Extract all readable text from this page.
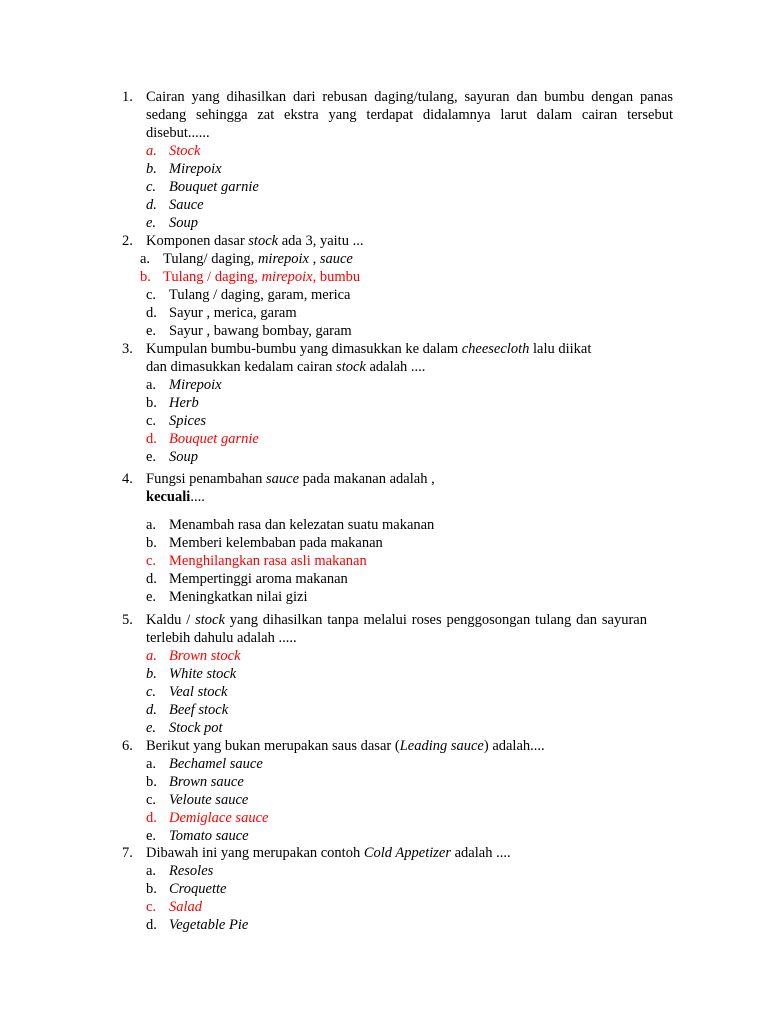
1. Cairan yang dihasilkan dari rebusan daging/tulang, sayuran dan bumbu dengan panas sedang sehingga zat ekstra yang terdapat didalamnya larut dalam cairan tersebut disebut......
a. Stock
b. Mirepoix
c. Bouquet garnie
d. Sauce
e. Soup
2. Komponen dasar stock ada 3, yaitu ...
a. Tulang/ daging, mirepoix , sauce
b. Tulang / daging, mirepoix, bumbu
c. Tulang / daging, garam, merica
d. Sayur , merica, garam
e. Sayur , bawang bombay, garam
3. Kumpulan bumbu-bumbu yang dimasukkan ke dalam cheesecloth lalu diikat
dan dimasukkan kedalam cairan stock adalah ....
a. Mirepoix
b. Herb
c. Spices
d. Bouquet garnie
e. Soup
4. Fungsi penambahan sauce pada makanan adalah ,
kecuali....
a. Menambah rasa dan kelezatan suatu makanan
b. Memberi kelembaban pada makanan
c. Menghilangkan rasa asli makanan
d. Mempertinggi aroma makanan
e. Meningkatkan nilai gizi
5. Kaldu / stock yang dihasilkan tanpa melalui roses penggosongan tulang dan sayuran terlebih dahulu adalah .....
a. Brown stock
b. White stock
c. Veal stock
d. Beef stock
e. Stock pot
6. Berikut yang bukan merupakan saus dasar (Leading sauce) adalah....
a. Bechamel sauce
b. Brown sauce
c. Veloute sauce
d. Demiglace sauce
e. Tomato sauce
7. Dibawah ini yang merupakan contoh Cold Appetizer adalah ....
a. Resoles
b. Croquette
c. Salad
d. Vegetable Pie
